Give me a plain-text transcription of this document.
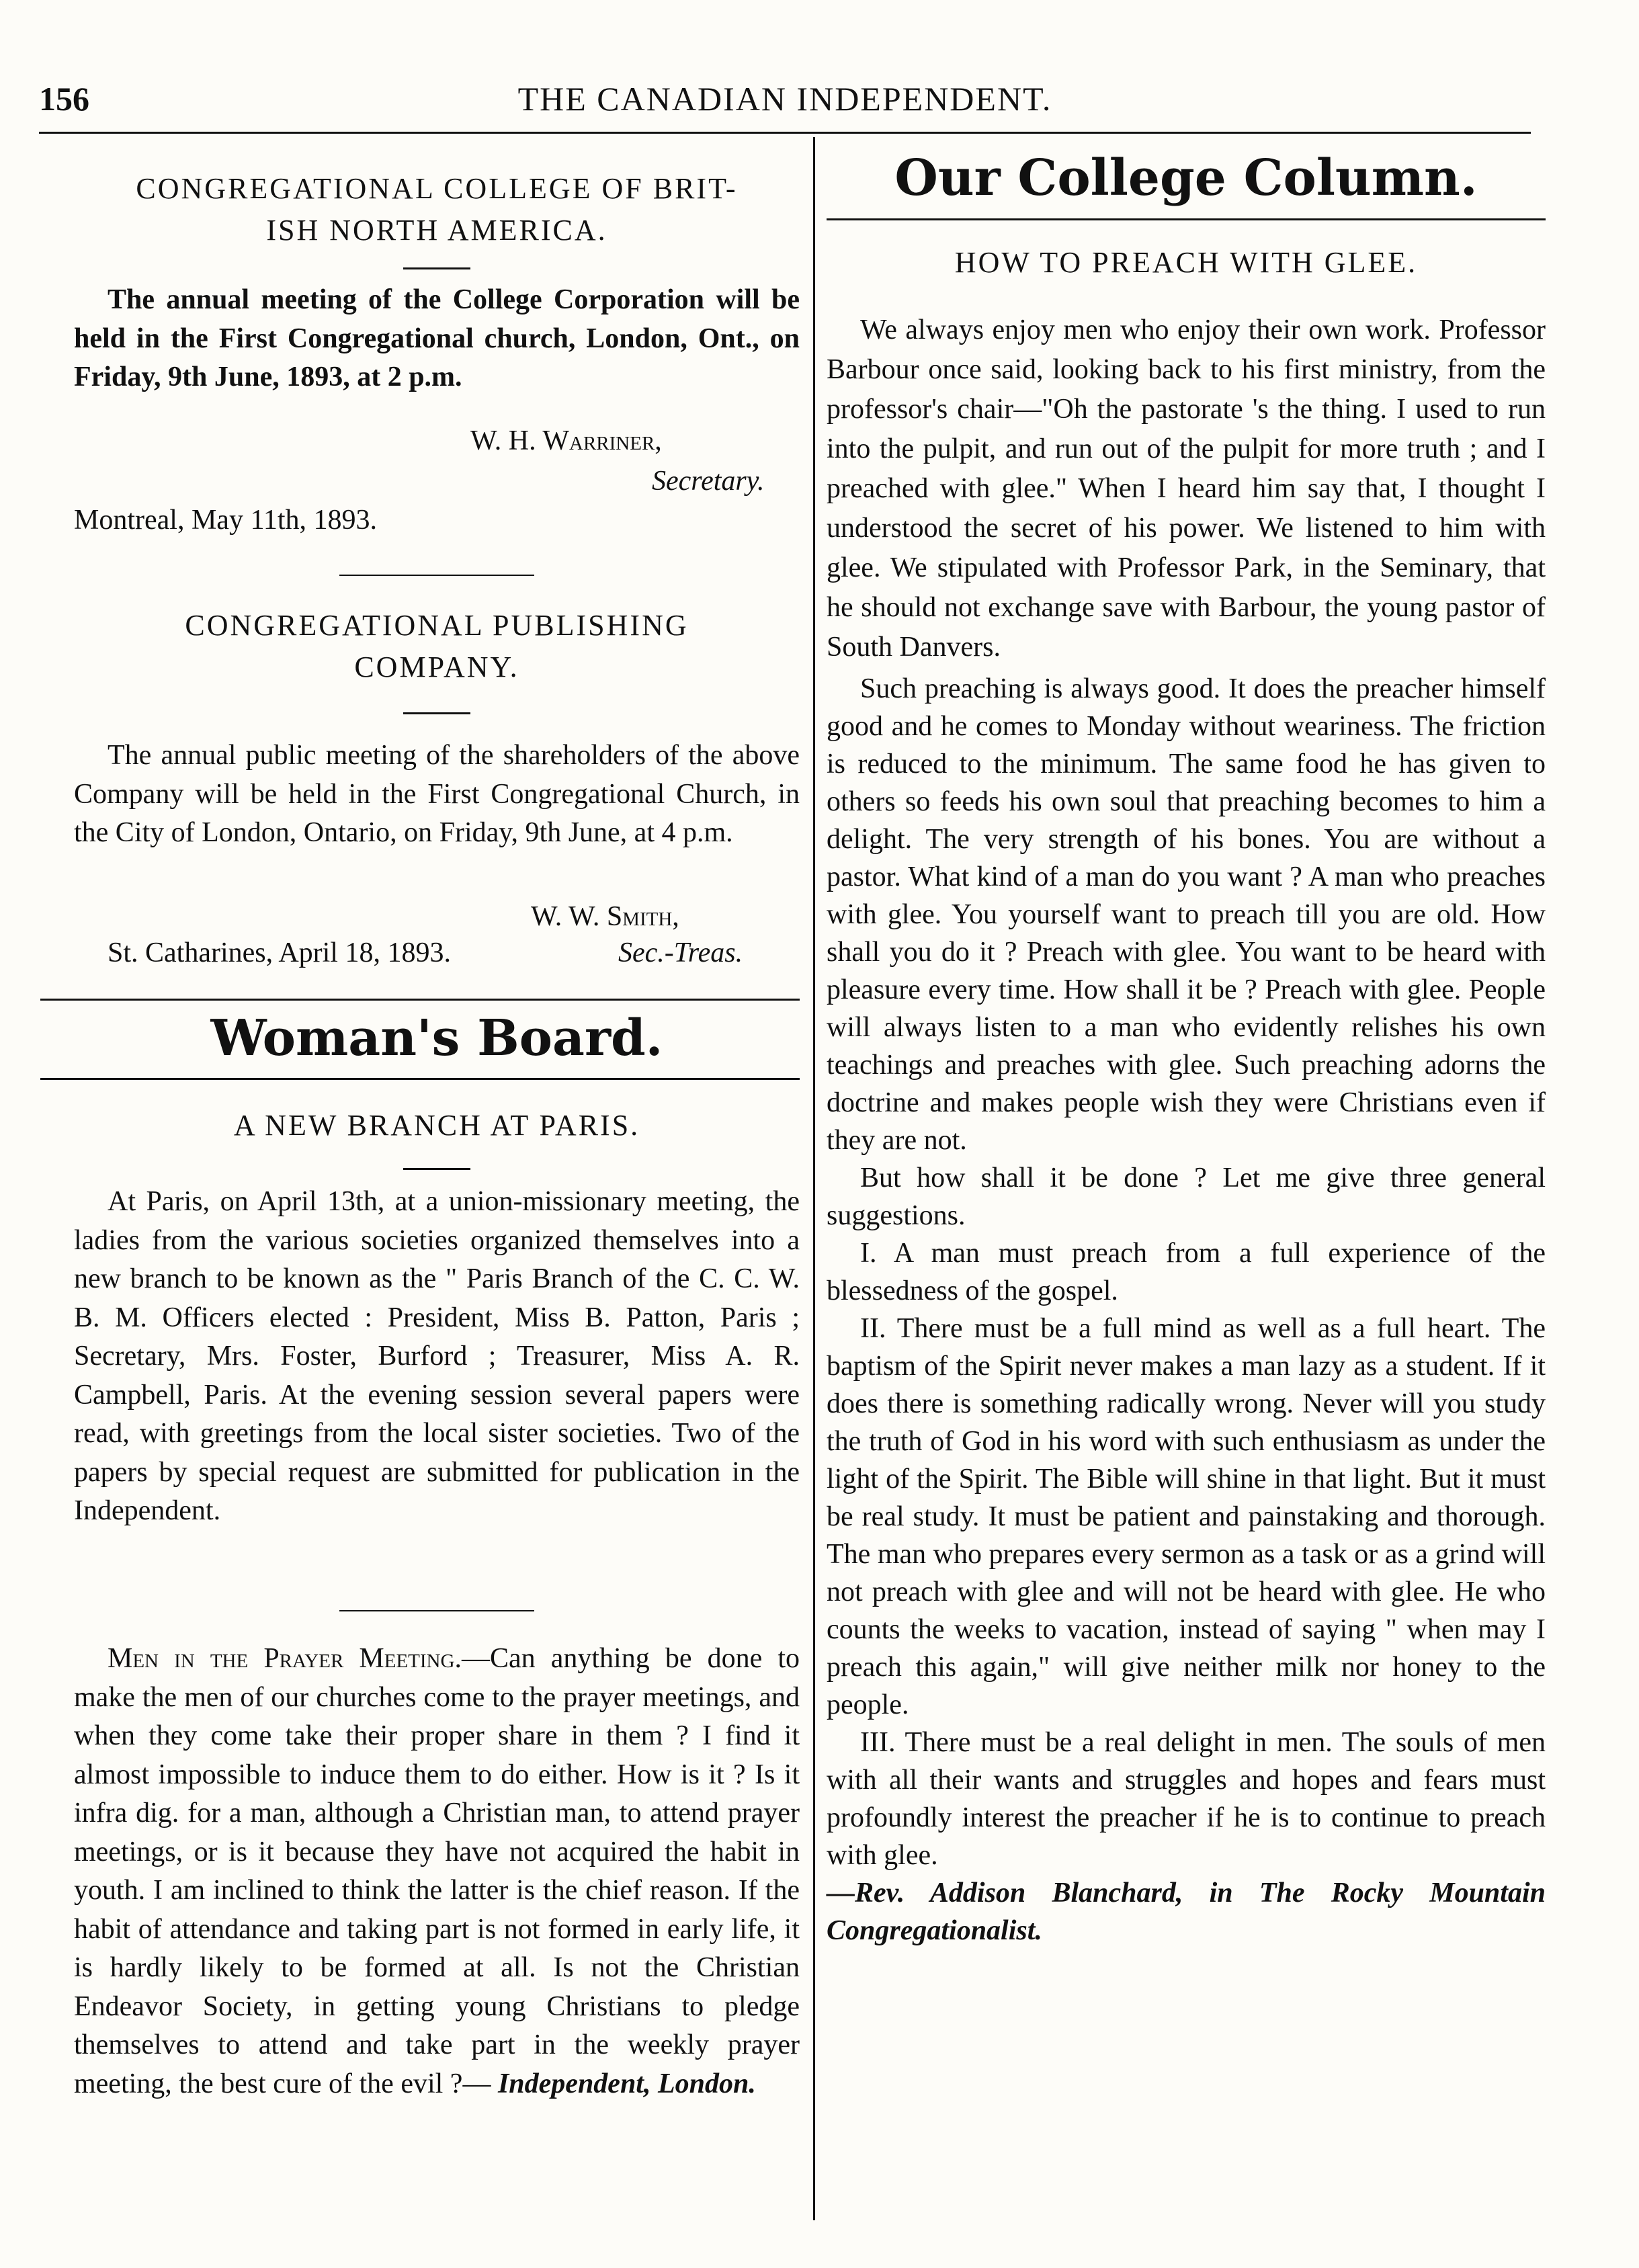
156	THE CANADIAN INDEPENDENT.

CONGREGATIONAL COLLEGE OF BRIT-

ISH NORTH AMERICA.

The annual meeting of the College Corporation will be held in the First Congregational church, London, Ont., on Friday, 9th June, 1893, at 2 p.m.

W. H. Warriner,

Secretary.

Montreal, May 11th, 1893.

CONGREGATIONAL PUBLISHING

COMPANY.

The annual public meeting of the shareholders of the above Company will be held in the First Congregational Church, in the City of London, Ontario, on Friday, 9th June, at 4 p.m.

W. W. Smith,

St. Catharines, April 18, 1893.	Sec.-Treas.

Woman's Board.

A NEW BRANCH AT PARIS.

At Paris, on April 13th, at a union-missionary meeting, the ladies from the various societies organized themselves into a new branch to be known as the " Paris Branch of the C. C. W. B. M. Officers elected : President, Miss B. Patton, Paris ; Secretary, Mrs. Foster, Burford ; Treasurer, Miss A. R. Campbell, Paris. At the evening session several papers were read, with greetings from the local sister societies. Two of the papers by special request are submitted for publication in the Independent.

Men in the Prayer Meeting.—Can anything be done to make the men of our churches come to the prayer meetings, and when they come take their proper share in them ? I find it almost impossible to induce them to do either. How is it ? Is it infra dig. for a man, although a Christian man, to attend prayer meetings, or is it because they have not acquired the habit in youth. I am inclined to think the latter is the chief reason. If the habit of attendance and taking part is not formed in early life, it is hardly likely to be formed at all. Is not the Christian Endeavor Society, in getting young Christians to pledge themselves to attend and take part in the weekly prayer meeting, the best cure of the evil ?— Independent, London.

Our College Column.

HOW TO PREACH WITH GLEE.

We always enjoy men who enjoy their own work. Professor Barbour once said, looking back to his first ministry, from the professor's chair—"Oh the pastorate 's the thing. I used to run into the pulpit, and run out of the pulpit for more truth ; and I preached with glee." When I heard him say that, I thought I understood the secret of his power. We listened to him with glee. We stipulated with Professor Park, in the Seminary, that he should not exchange save with Barbour, the young pastor of South Danvers.

Such preaching is always good. It does the preacher himself good and he comes to Monday without weariness. The friction is reduced to the minimum. The same food he has given to others so feeds his own soul that preaching becomes to him a delight. The very strength of his bones. You are without a pastor. What kind of a man do you want ? A man who preaches with glee. You yourself want to preach till you are old. How shall you do it ? Preach with glee. You want to be heard with pleasure every time. How shall it be ? Preach with glee. People will always listen to a man who evidently relishes his own teachings and preaches with glee. Such preaching adorns the doctrine and makes people wish they were Christians even if they are not.

But how shall it be done ? Let me give three general suggestions.

I. A man must preach from a full experience of the blessedness of the gospel.

II. There must be a full mind as well as a full heart. The baptism of the Spirit never makes a man lazy as a student. If it does there is something radically wrong. Never will you study the truth of God in his word with such enthusiasm as under the light of the Spirit. The Bible will shine in that light. But it must be real study. It must be patient and painstaking and thorough. The man who prepares every sermon as a task or as a grind will not preach with glee and will not be heard with glee. He who counts the weeks to vacation, instead of saying " when may I preach this again," will give neither milk nor honey to the people.

III. There must be a real delight in men. The souls of men with all their wants and struggles and hopes and fears must profoundly interest the preacher if he is to continue to preach with glee.

—Rev. Addison Blanchard, in The Rocky Mountain Congregationalist.
